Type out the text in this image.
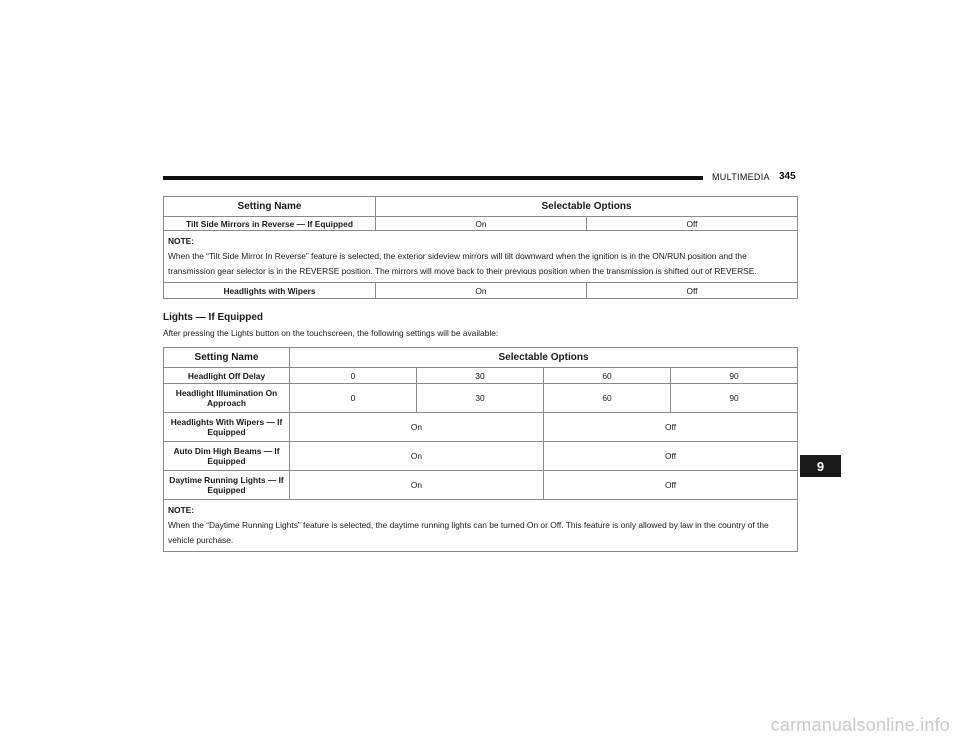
MULTIMEDIA 345
Setting Name	Selectable Options	
Tilt Side Mirrors in Reverse — If Equipped	On	Off

NOTE:
When the “Tilt Side Mirror In Reverse” feature is selected, the exterior sideview mirrors will tilt downward when the ignition is in the ON/RUN position and the transmission gear selector is in the REVERSE position. The mirrors will move back to their previous position when the transmission is shifted out of REVERSE.		
Headlights with Wipers	On	Off
Lights — If Equipped
After pressing the Lights button on the touchscreen, the following settings will be available:
Setting Name	Selectable Options			
Headlight Off Delay	0	30	60	90
Headlight Illumination On Approach	0	30	60	90
Headlights With Wipers — If Equipped	On		Off	
Auto Dim High Beams — If Equipped	On		Off	
Daytime Running Lights — If Equipped	On		Off	

NOTE:
When the “Daytime Running Lights” feature is selected, the daytime running lights can be turned On or Off. This feature is only allowed by law in the country of the vehicle purchase.				
9
carmanualsonline.info
